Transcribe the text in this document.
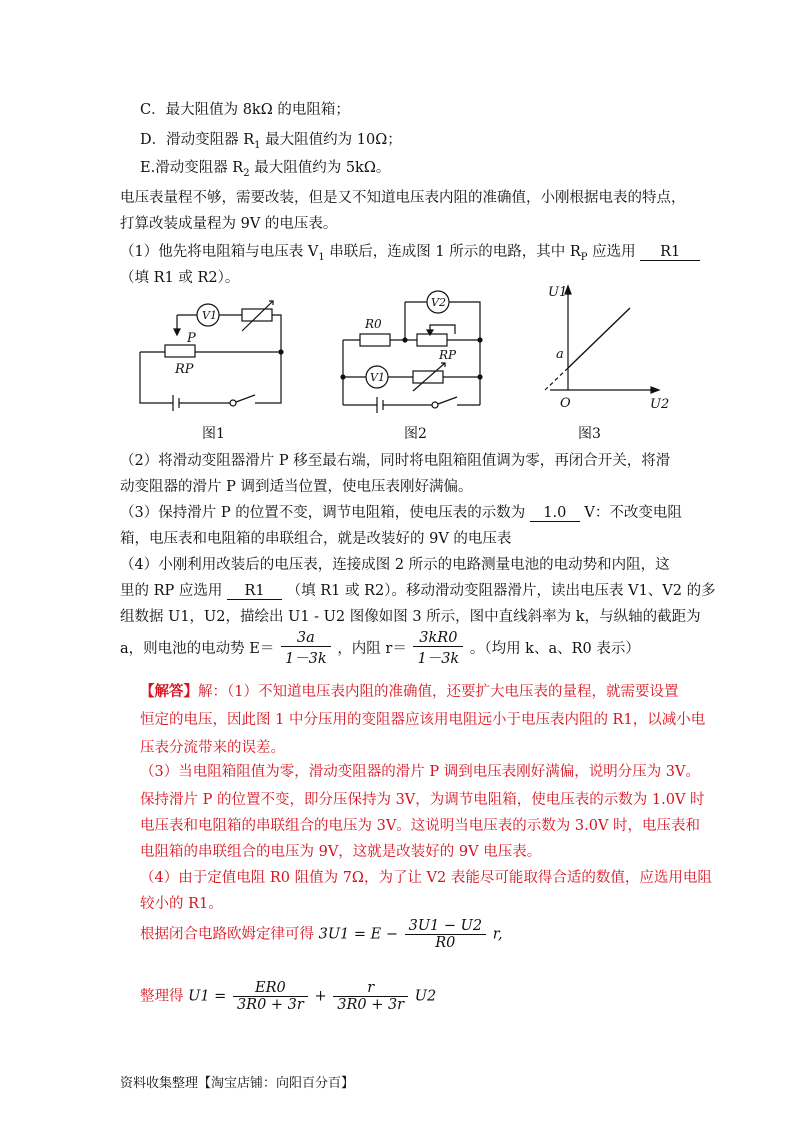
C．最大阻值为 8kΩ 的电阻箱；
D．滑动变阻器 $R_1$ 最大阻值约为 10Ω；
E.滑动变阻器 $R_2$ 最大阻值约为 5kΩ。
电压表量程不够，需要改装，但是又不知道电压表内阻的准确值，小刚根据电表的特点，
打算改装成量程为 9V 的电压表。
（1）他先将电阻箱与电压表 $V_1$ 串联后，连成图 1 所示的电路，其中 $R_P$ 应选用 R1
（填 R1 或 R2）。
V1
P
RP
图1
V2
R0
RP
V1
图2
U1
U2
O
a
图3
（2）将滑动变阻器滑片 P 移至最右端，同时将电阻箱阻值调为零，再闭合开关，将滑
动变阻器的滑片 P 调到适当位置，使电压表刚好满偏。
（3）保持滑片 P 的位置不变，调节电阻箱，使电压表的示数为 1.0 V：不改变电阻
箱，电压表和电阻箱的串联组合，就是改装好的 9V 的电压表
（4）小刚利用改装后的电压表，连接成图 2 所示的电路测量电池的电动势和内阻，这
里的 RP 应选用 R1 （填 R1 或 R2）。移动滑动变阻器滑片，读出电压表 V1、V2 的多
组数据 U1，U2，描绘出 U1 - U2 图像如图 3 所示，图中直线斜率为 k，与纵轴的截距为
a，则电池的电动势 $E= \frac{3a}{1-3k}$ ，内阻 $r= \frac{3kR0}{1-3k}$ 。（均用 k、a、R0 表示）
【解答】解：（1）不知道电压表内阻的准确值，还要扩大电压表的量程，就需要设置
恒定的电压，因此图 1 中分压用的变阻器应该用电阻远小于电压表内阻的 R1，以减小电
压表分流带来的误差。
（3）当电阻箱阻值为零，滑动变阻器的滑片 P 调到电压表刚好满偏，说明分压为 3V。
保持滑片 P 的位置不变，即分压保持为 3V，为调节电阻箱，使电压表的示数为 1.0V 时
电压表和电阻箱的串联组合的电压为 3V。这说明当电压表的示数为 3.0V 时，电压表和
电阻箱的串联组合的电压为 9V，这就是改装好的 9V 电压表。
（4）由于定值电阻 R0 阻值为 7Ω，为了让 V2 表能尽可能取得合适的数值，应选用电阻
较小的 R1。
根据闭合电路欧姆定律可得 $3U1 = E - \frac{3U1 - U2}{R0} r$,
整理得 $U1 = \frac{ER0}{3R0 + 3r} + \frac{r}{3R0 + 3r} U2$
资料收集整理【淘宝店铺：向阳百分百】
